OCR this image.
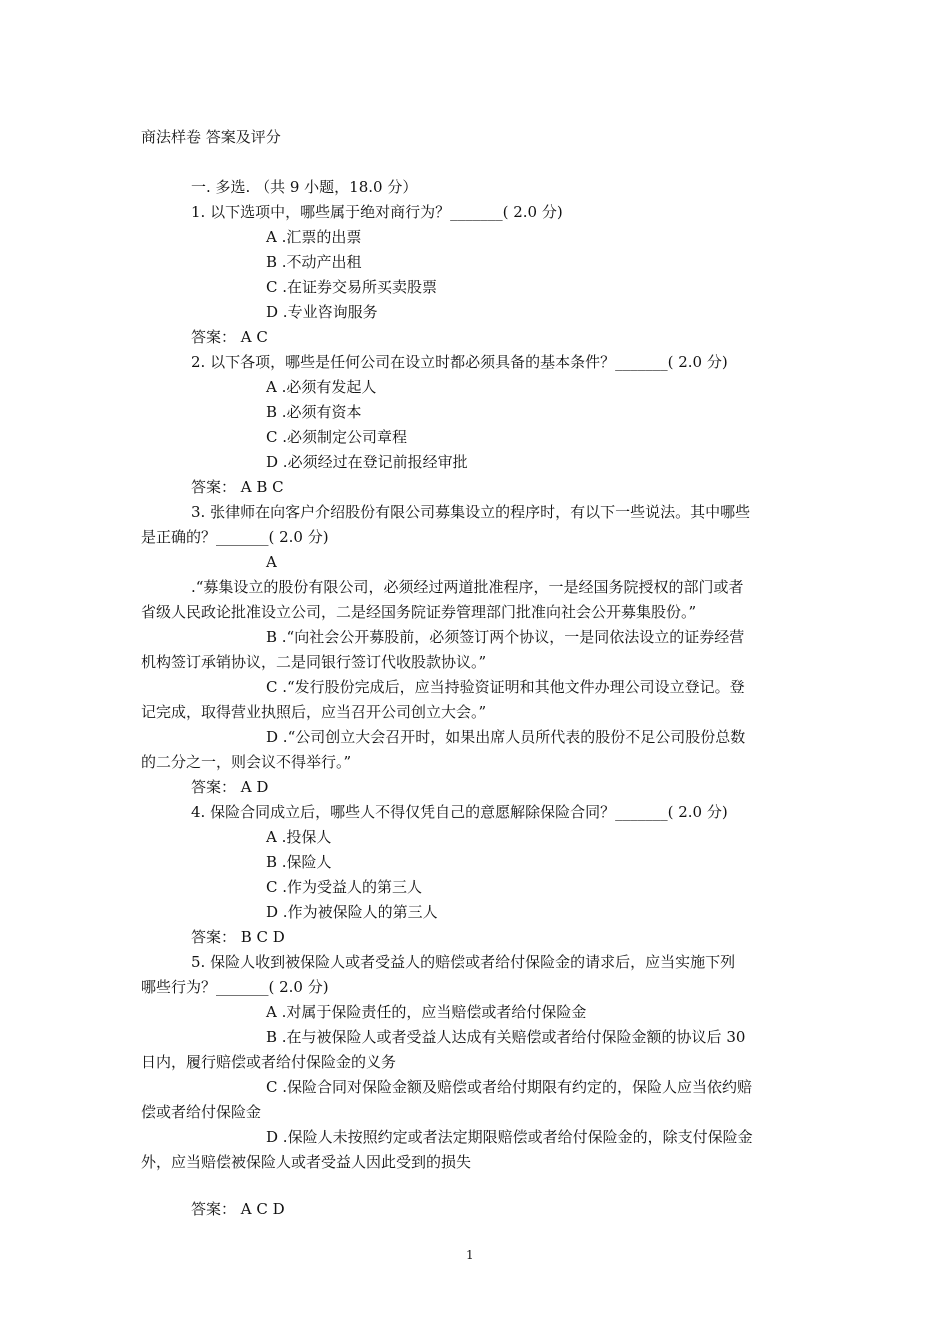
商法样卷 答案及评分
一. 多选. （共 9 小题，18.0 分）
1. 以下选项中，哪些属于绝对商行为？_______( 2.0 分)
A .汇票的出票
B .不动产出租
C .在证券交易所买卖股票
D .专业咨询服务
答案： A C
2. 以下各项，哪些是任何公司在设立时都必须具备的基本条件？_______( 2.0 分)
A .必须有发起人
B .必须有资本
C .必须制定公司章程
D .必须经过在登记前报经审批
答案： A B C
3. 张律师在向客户介绍股份有限公司募集设立的程序时，有以下一些说法。其中哪些
是正确的？_______( 2.0 分)
A
.“募集设立的股份有限公司，必须经过两道批准程序，一是经国务院授权的部门或者
省级人民政论批准设立公司，二是经国务院证券管理部门批准向社会公开募集股份。”
B .“向社会公开募股前，必须签订两个协议，一是同依法设立的证券经营
机构签订承销协议，二是同银行签订代收股款协议。”
C .“发行股份完成后，应当持验资证明和其他文件办理公司设立登记。登
记完成，取得营业执照后，应当召开公司创立大会。”
D .“公司创立大会召开时，如果出席人员所代表的股份不足公司股份总数
的二分之一，则会议不得举行。”
答案： A D
4. 保险合同成立后，哪些人不得仅凭自己的意愿解除保险合同？_______( 2.0 分)
A .投保人
B .保险人
C .作为受益人的第三人
D .作为被保险人的第三人
答案： B C D
5. 保险人收到被保险人或者受益人的赔偿或者给付保险金的请求后，应当实施下列
哪些行为？_______( 2.0 分)
A .对属于保险责任的，应当赔偿或者给付保险金
B .在与被保险人或者受益人达成有关赔偿或者给付保险金额的协议后 30
日内，履行赔偿或者给付保险金的义务
C .保险合同对保险金额及赔偿或者给付期限有约定的，保险人应当依约赔
偿或者给付保险金
D .保险人未按照约定或者法定期限赔偿或者给付保险金的，除支付保险金
外，应当赔偿被保险人或者受益人因此受到的损失
答案： A C D
1
